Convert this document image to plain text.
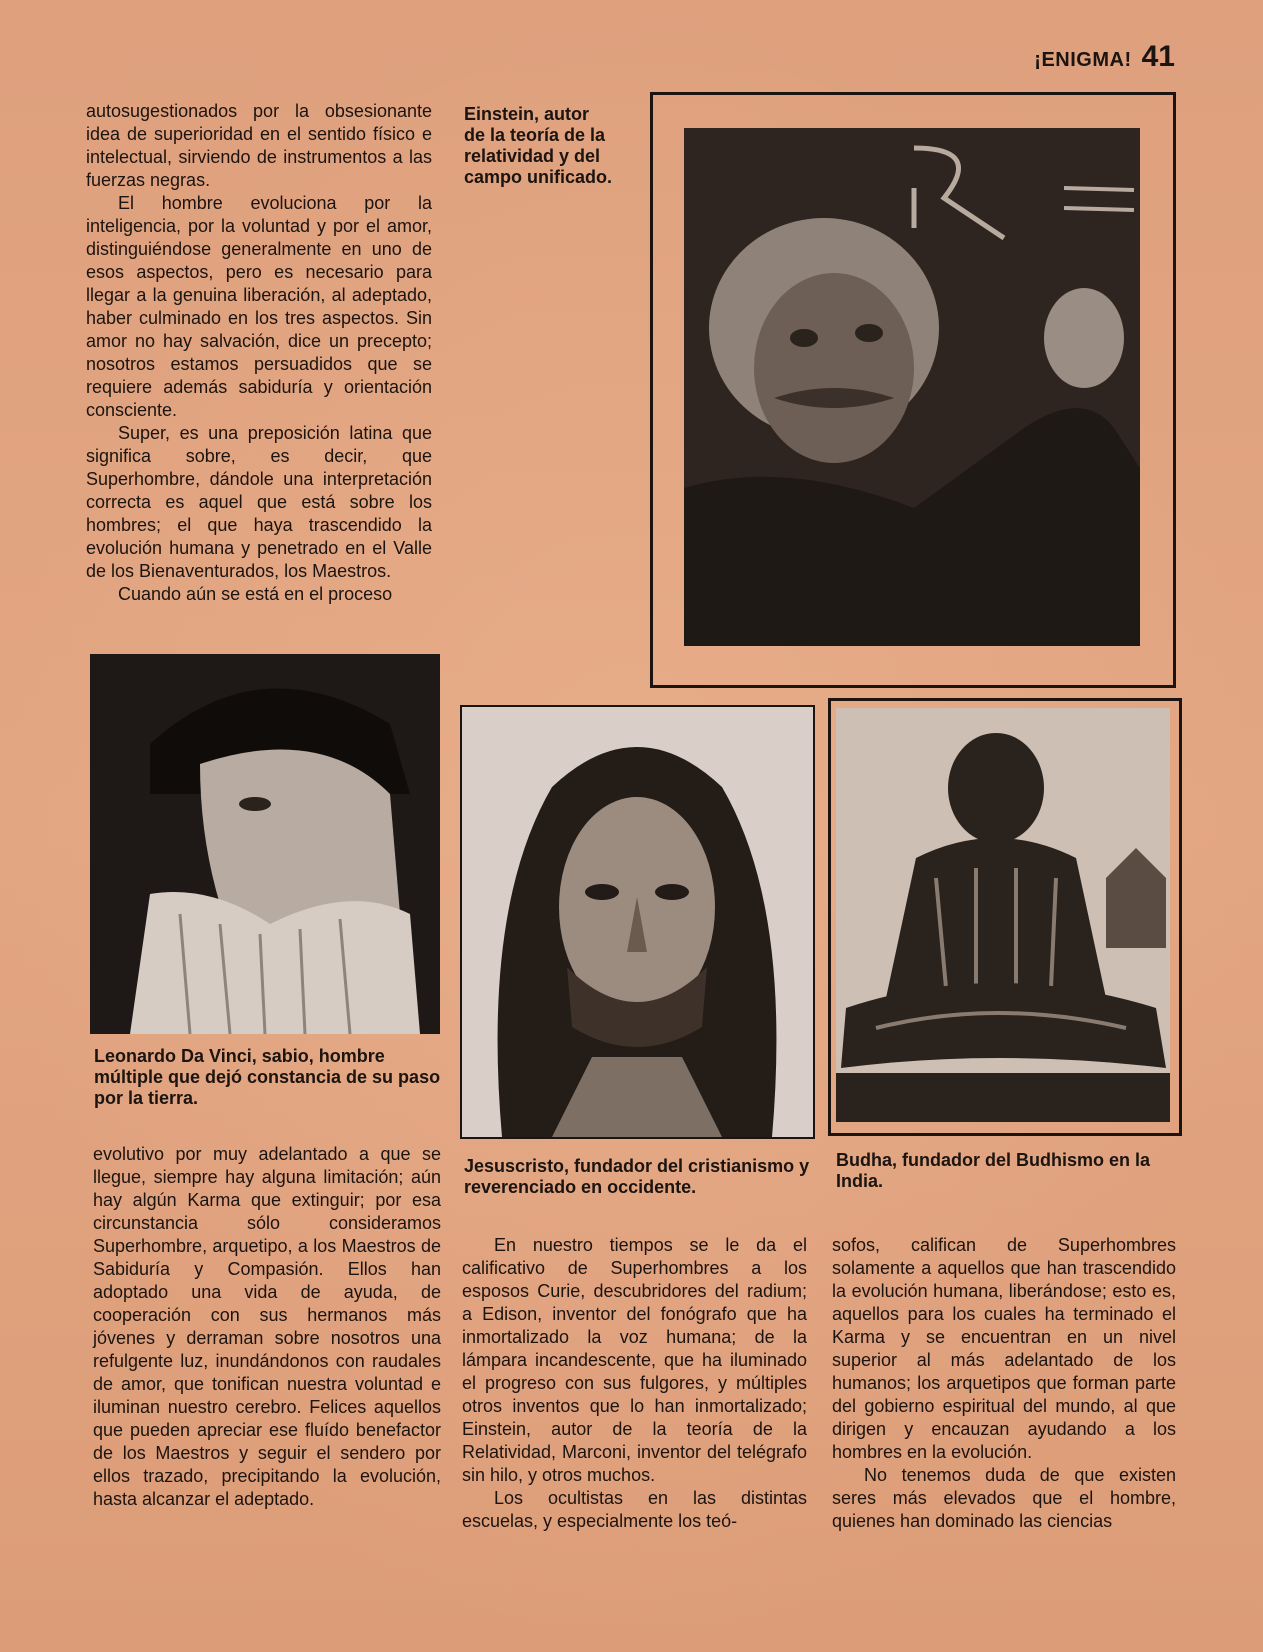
¡ENIGMA! 41

autosugestionados por la obsesionante idea de superioridad en el sentido físico e intelectual, sirviendo de instrumentos a las fuerzas negras.

El hombre evoluciona por la inteligencia, por la voluntad y por el amor, distinguiéndose generalmente en uno de esos aspectos, pero es necesario para llegar a la genuina liberación, al adeptado, haber culminado en los tres aspectos. Sin amor no hay salvación, dice un precepto; nosotros estamos persuadidos que se requiere además sabiduría y orientación consciente.

Super, es una preposición latina que significa sobre, es decir, que Superhombre, dándole una interpretación correcta es aquel que está sobre los hombres; el que haya trascendido la evolución humana y penetrado en el Valle de los Bienaventurados, los Maestros.

Cuando aún se está en el proceso

Einstein, autor de la teoría de la relatividad y del campo unificado.
Leonardo Da Vinci, sabio, hombre múltiple que dejó constancia de su paso por la tierra.
Jesuscristo, fundador del cristianismo y reverenciado en occidente.
Budha, fundador del Budhismo en la India.

evolutivo por muy adelantado a que se llegue, siempre hay alguna limitación; aún hay algún Karma que extinguir; por esa circunstancia sólo consideramos Superhombre, arquetipo, a los Maestros de Sabiduría y Compasión. Ellos han adoptado una vida de ayuda, de cooperación con sus hermanos más jóvenes y derraman sobre nosotros una refulgente luz, inundándonos con raudales de amor, que tonifican nuestra voluntad e iluminan nuestro cerebro. Felices aquellos que pueden apreciar ese fluído benefactor de los Maestros y seguir el sendero por ellos trazado, precipitando la evolución, hasta alcanzar el adeptado.

En nuestro tiempos se le da el calificativo de Superhombres a los esposos Curie, descubridores del radium; a Edison, inventor del fonógrafo que ha inmortalizado la voz humana; de la lámpara incandescente, que ha iluminado el progreso con sus fulgores, y múltiples otros inventos que lo han inmortalizado; Einstein, autor de la teoría de la Relatividad, Marconi, inventor del telégrafo sin hilo, y otros muchos.

Los ocultistas en las distintas escuelas, y especialmente los teó-

sofos, califican de Superhombres solamente a aquellos que han trascendido la evolución humana, liberándose; esto es, aquellos para los cuales ha terminado el Karma y se encuentran en un nivel superior al más adelantado de los humanos; los arquetipos que forman parte del gobierno espiritual del mundo, al que dirigen y encauzan ayudando a los hombres en la evolución.

No tenemos duda de que existen seres más elevados que el hombre, quienes han dominado las ciencias
